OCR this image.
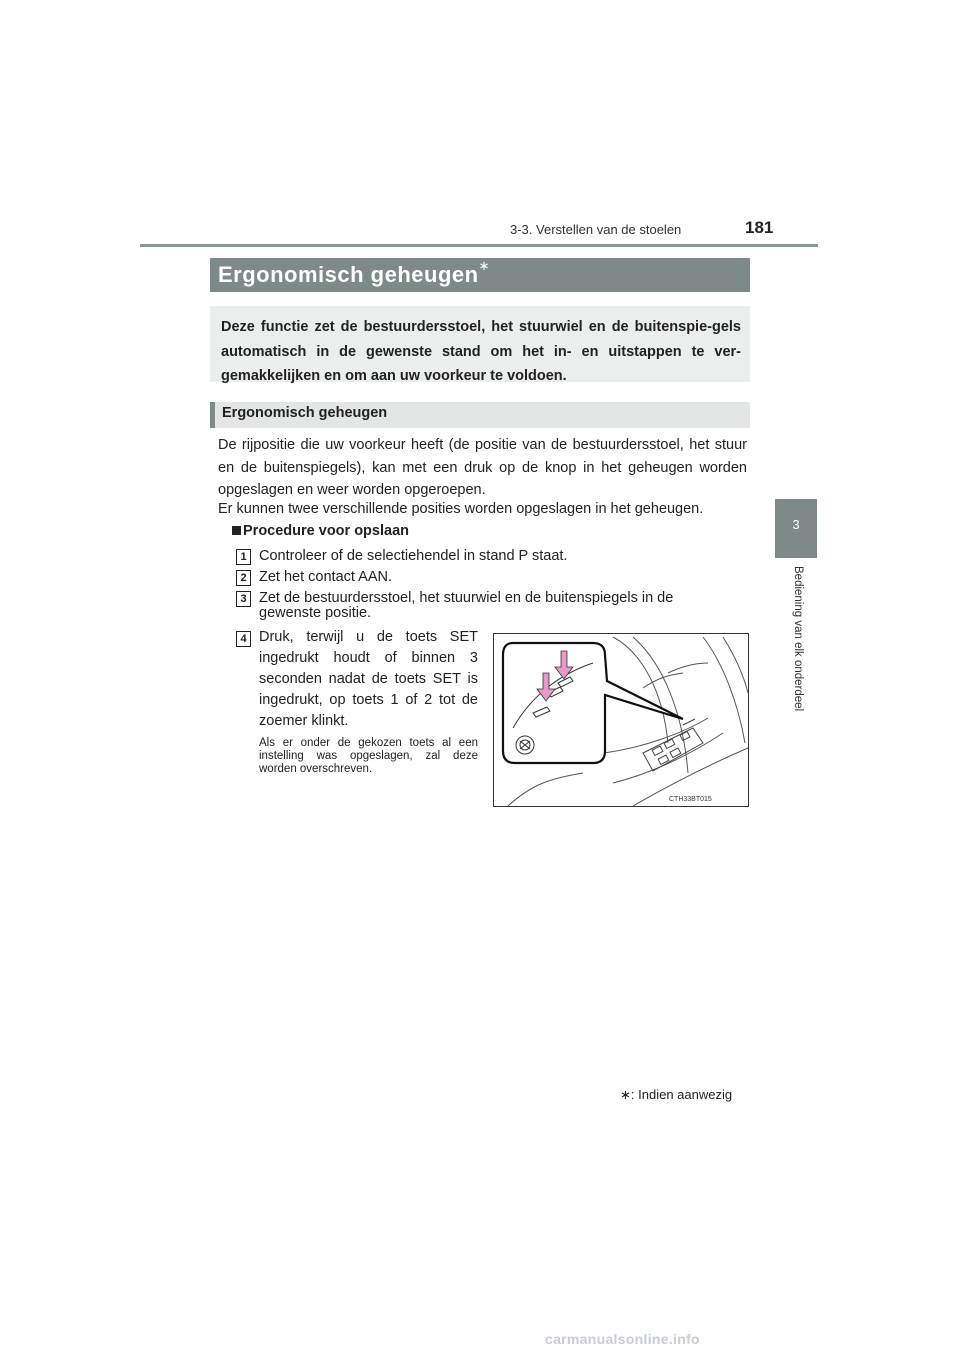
3-3. Verstellen van de stoelen	181
3
Bediening van elk onderdeel
Ergonomisch geheugen∗
Deze functie zet de bestuurdersstoel, het stuurwiel en de buitenspie-gels automatisch in de gewenste stand om het in- en uitstappen te ver-gemakkelijken en om aan uw voorkeur te voldoen.
Ergonomisch geheugen
De rijpositie die uw voorkeur heeft (de positie van de bestuurdersstoel, het stuur en de buitenspiegels), kan met een druk op de knop in het geheugen worden opgeslagen en weer worden opgeroepen.
Er kunnen twee verschillende posities worden opgeslagen in het geheugen.
Procedure voor opslaan
1 Controleer of de selectiehendel in stand P staat.
2 Zet het contact AAN.
3 Zet de bestuurdersstoel, het stuurwiel en de buitenspiegels in de
gewenste positie.
4 Druk, terwijl u de toets SET ingedrukt houdt of binnen 3 seconden nadat de toets SET is ingedrukt, op toets 1 of 2 tot de zoemer klinkt.
Als er onder de gekozen toets al een instelling was opgeslagen, zal deze worden overschreven.
CTH33BT015
∗: Indien aanwezig
carmanualsonline.info
